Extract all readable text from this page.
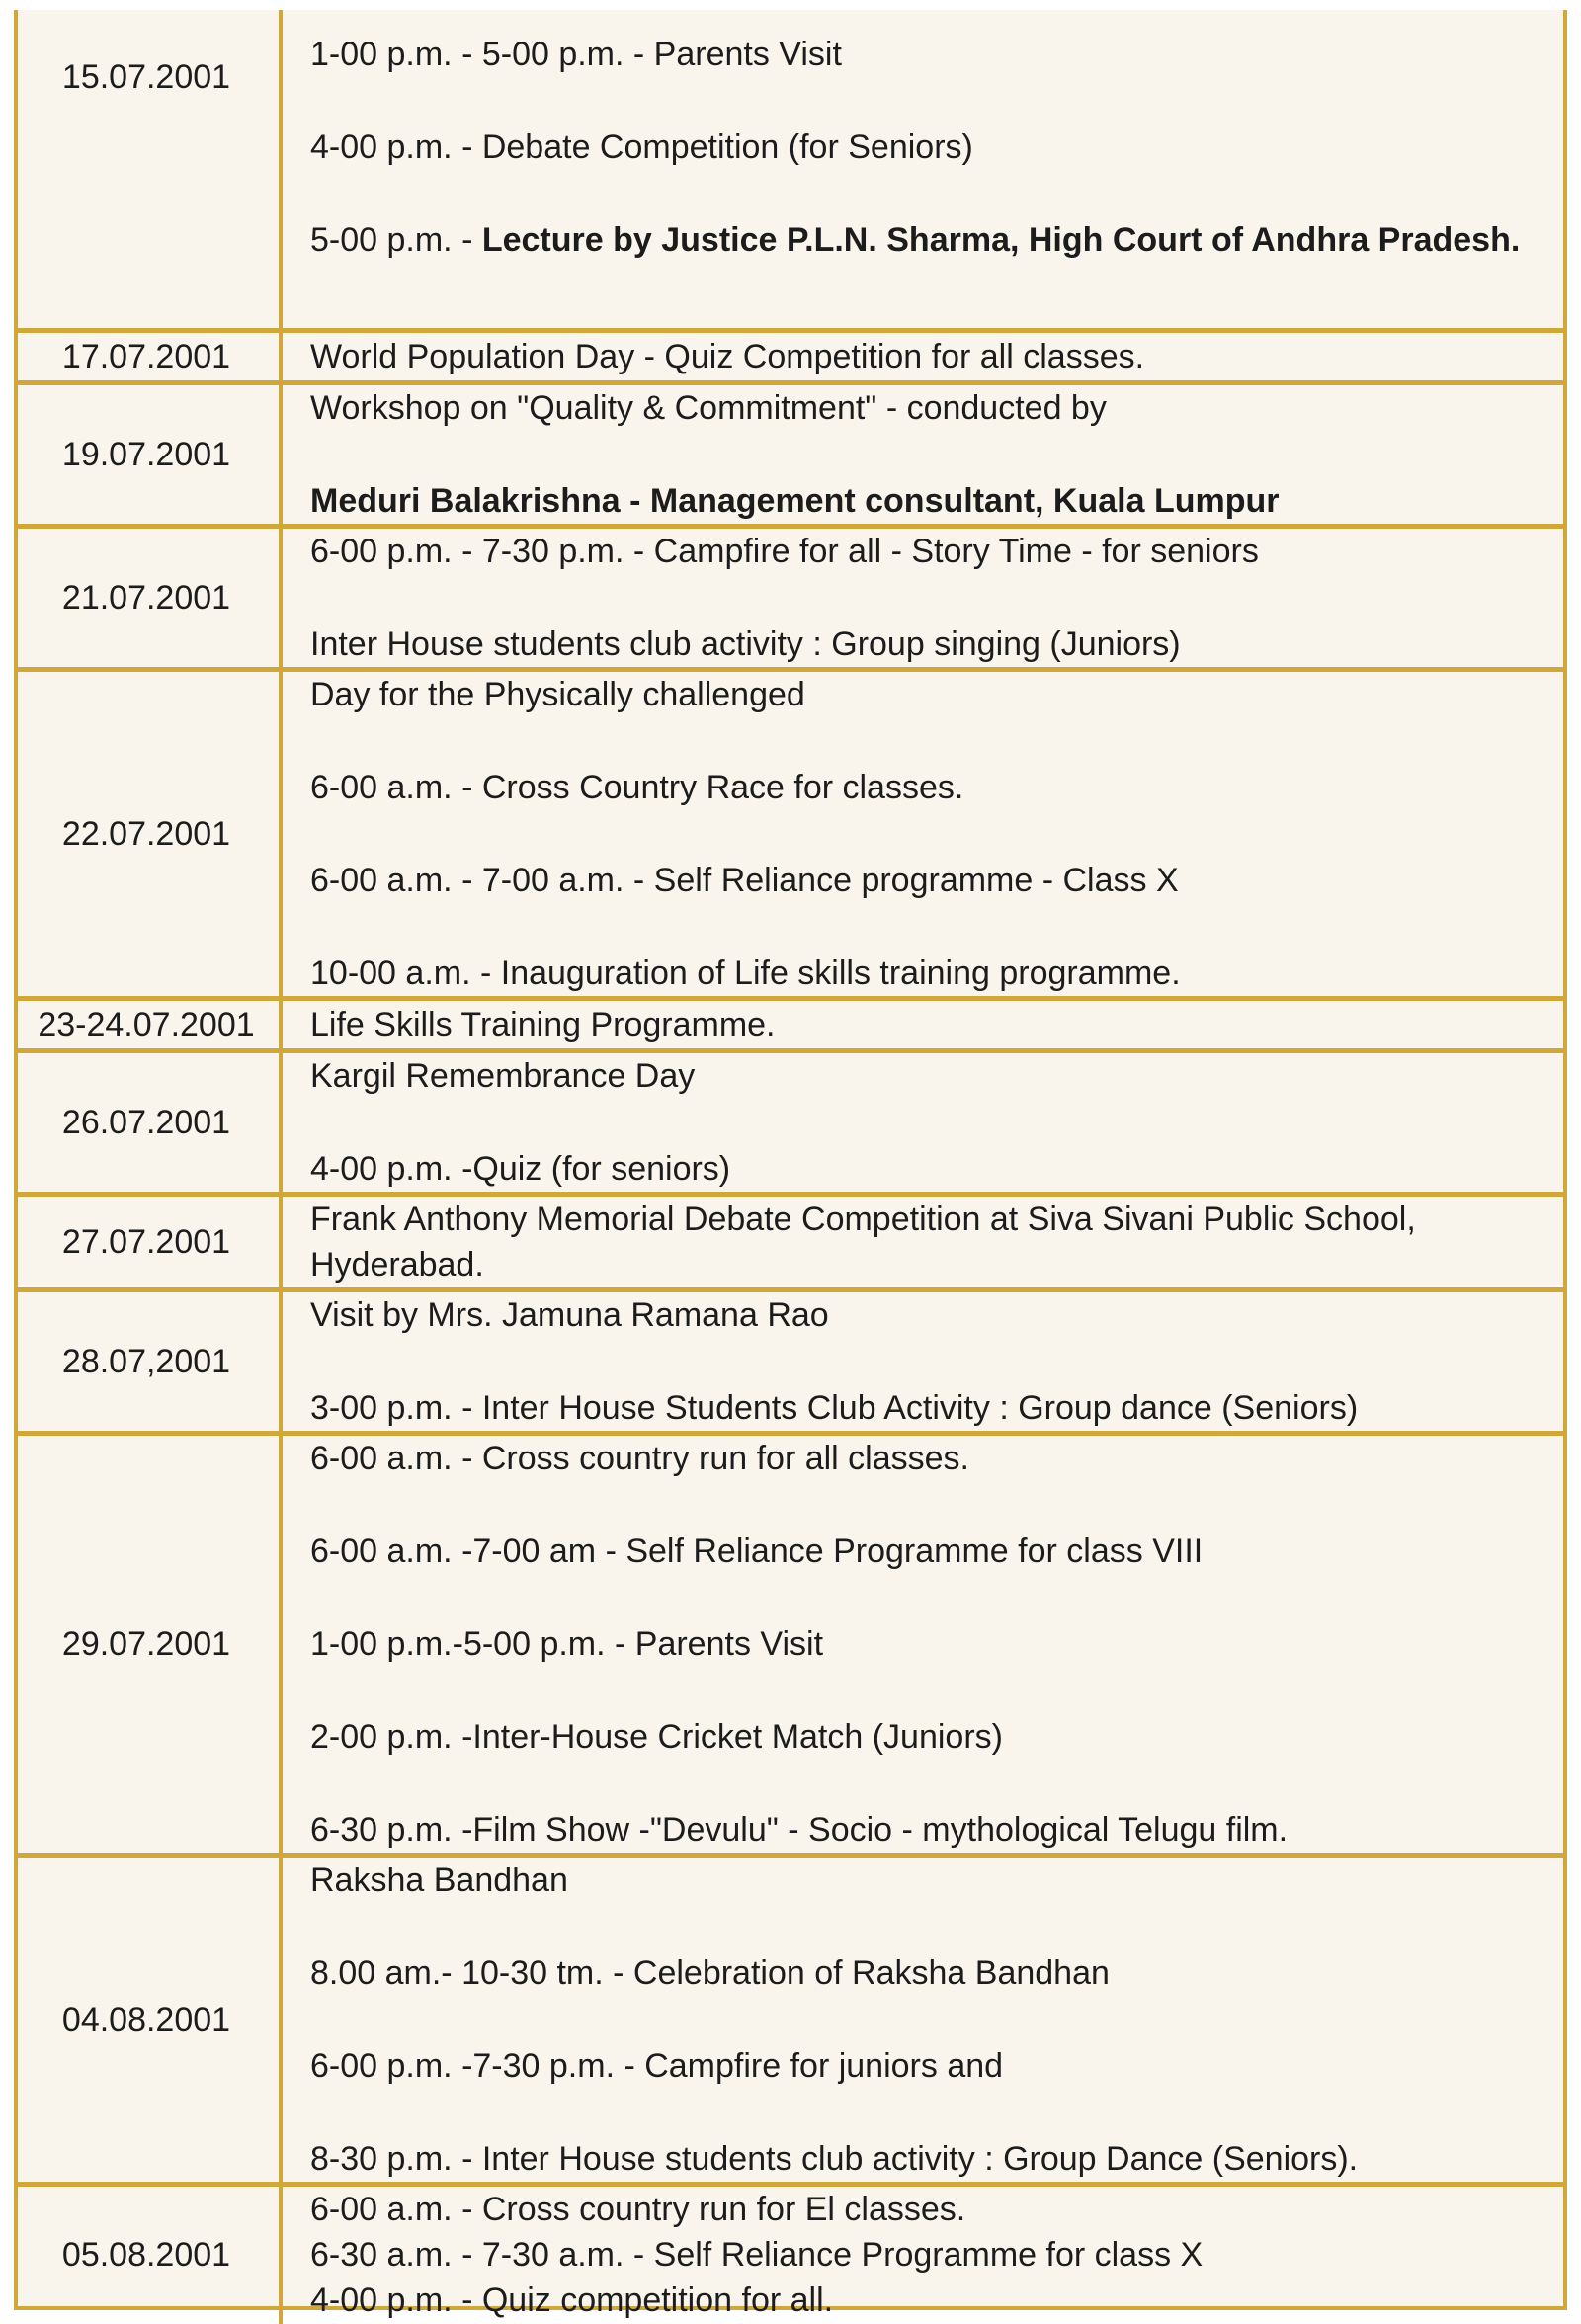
15.07.2001	1-00 p.m. - 5-00 p.m. - Parents Visit
4-00 p.m. - Debate Competition (for Seniors)
5-00 p.m. - Lecture by Justice P.L.N. Sharma, High Court of Andhra Pradesh.

17.07.2001	World Population Day - Quiz Competition for all classes.

19.07.2001	Workshop on "Quality & Commitment" - conducted by
Meduri Balakrishna - Management consultant, Kuala Lumpur

21.07.2001	6-00 p.m. - 7-30 p.m. - Campfire for all - Story Time - for seniors
Inter House students club activity : Group singing (Juniors)

22.07.2001	Day for the Physically challenged
6-00 a.m. - Cross Country Race for classes.
6-00 a.m. - 7-00 a.m. - Self Reliance programme - Class X
10-00 a.m. - Inauguration of Life skills training programme.

23-24.07.2001	Life Skills Training Programme.

26.07.2001	Kargil Remembrance Day
4-00 p.m. -Quiz (for seniors)

27.07.2001	Frank Anthony Memorial Debate Competition at Siva Sivani Public School, Hyderabad.

28.07,2001	Visit by Mrs. Jamuna Ramana Rao
3-00 p.m. - Inter House Students Club Activity : Group dance (Seniors)

29.07.2001	6-00 a.m. - Cross country run for all classes.
6-00 a.m. -7-00 am - Self Reliance Programme for class VIII
1-00 p.m.-5-00 p.m. - Parents Visit
2-00 p.m. -Inter-House Cricket Match (Juniors)
6-30 p.m. -Film Show -"Devulu" - Socio - mythological Telugu film.

04.08.2001	Raksha Bandhan
8.00 am.- 10-30 tm. - Celebration of Raksha Bandhan
6-00 p.m. -7-30 p.m. - Campfire for juniors and
8-30 p.m. - Inter House students club activity : Group Dance (Seniors).

05.08.2001	6-00 a.m. - Cross country run for El classes.
6-30 a.m. - 7-30 a.m. - Self Reliance Programme for class X
4-00 p.m. - Quiz competition for all.
